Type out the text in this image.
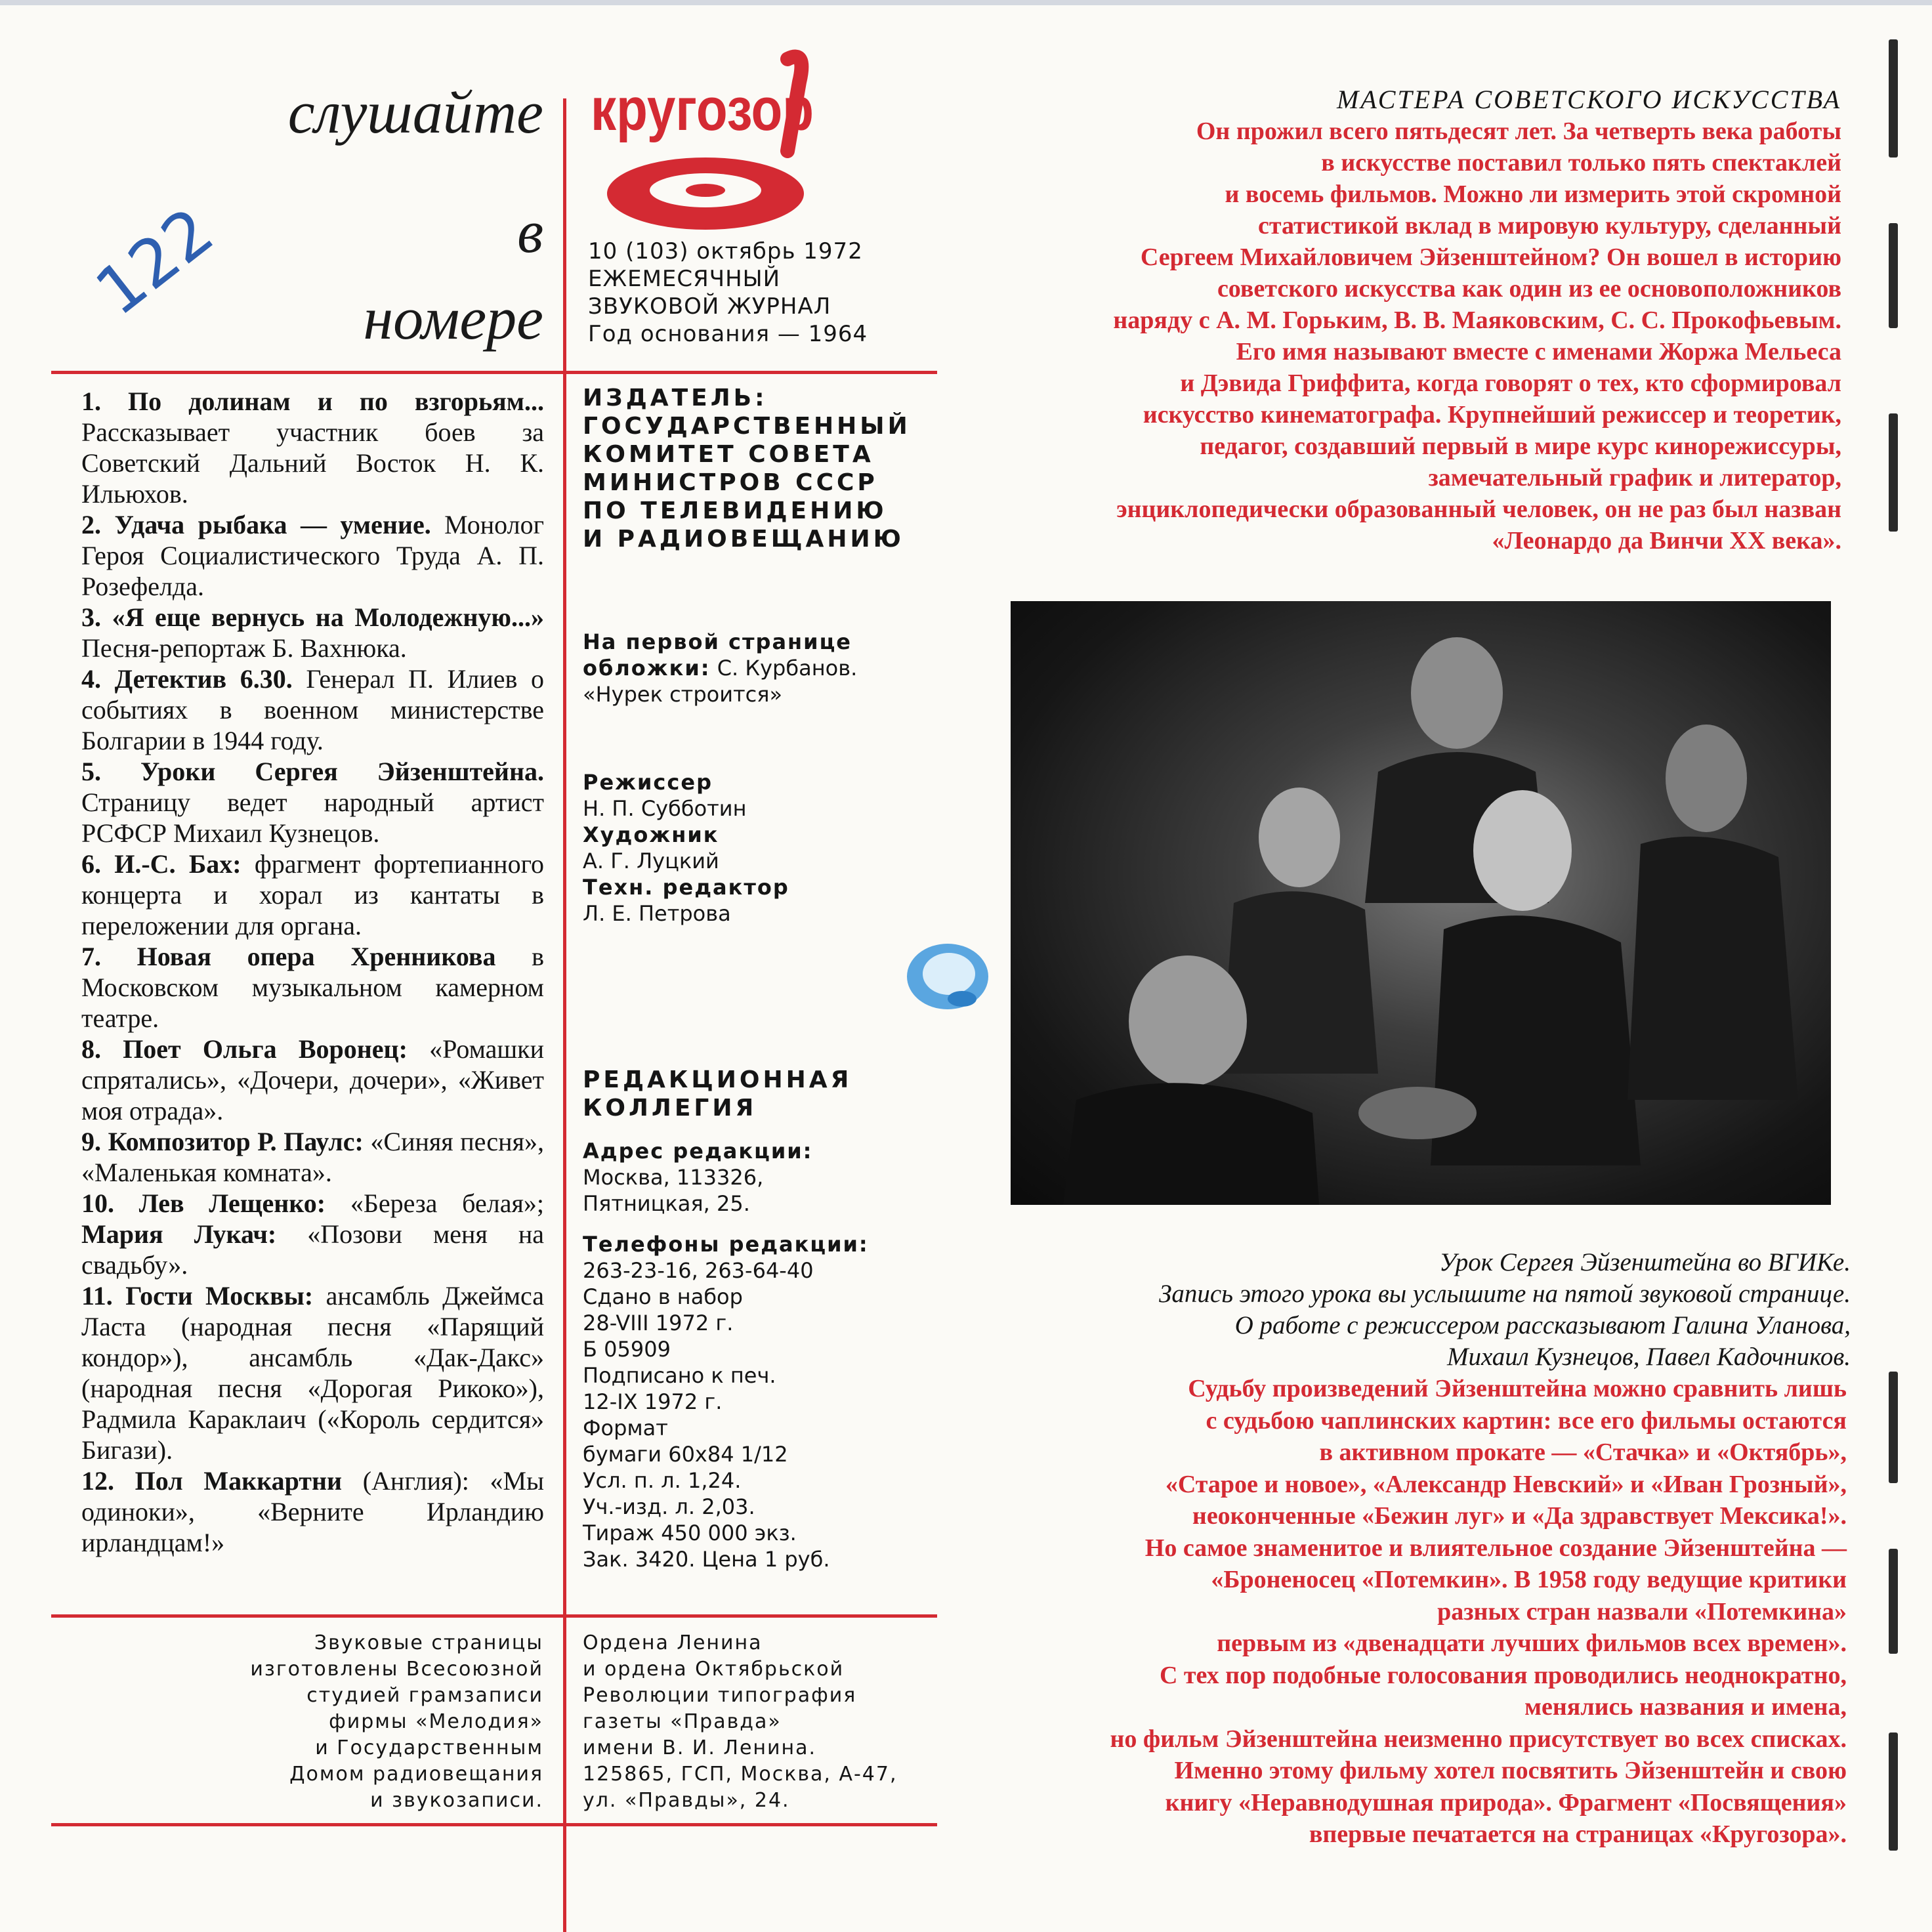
слушайте
в
номере
122
кругозор
10 (103) октябрь 1972
ЕЖЕМЕСЯЧНЫЙ
ЗВУКОВОЙ ЖУРНАЛ
Год основания — 1964

1. По долинам и по взгорьям... Рассказывает участник боев за Советский Дальний Восток Н. К. Ильюхов.

2. Удача рыбака — умение. Монолог Героя Социалистического Труда А. П. Розефелда.

3. «Я еще вернусь на Молодежную...» Песня-репортаж Б. Вахнюка.

4. Детектив 6.30. Генерал П. Илиев о событиях в военном министерстве Болгарии в 1944 году.

5. Уроки Сергея Эйзенштейна. Страницу ведет народный артист РСФСР Михаил Кузнецов.

6. И.-С. Бах: фрагмент фортепианного концерта и хорал из кантаты в переложении для органа.

7. Новая опера Хренникова в Московском музыкальном камерном театре.

8. Поет Ольга Воронец: «Ромашки спрятались», «Дочери, дочери», «Живет моя отрада».

9. Композитор Р. Паулс: «Синяя песня», «Маленькая комната».

10. Лев Лещенко: «Береза белая»; Мария Лукач: «Позови меня на свадьбу».

11. Гости Москвы: ансамбль Джеймса Ласта (народная песня «Парящий кондор»), ансамбль «Дак-Дакс» (народная песня «Дорогая Рикоко»), Радмила Караклаич («Король сердится» Бигази).

12. Пол Маккартни (Англия): «Мы одиноки», «Верните Ирландию ирландцам!»

ИЗДАТЕЛЬ:
ГОСУДАРСТВЕННЫЙ
КОМИТЕТ СОВЕТА
МИНИСТРОВ СССР
ПО ТЕЛЕВИДЕНИЮ
И РАДИОВЕЩАНИЮ
На первой странице
обложки: С. Курбанов.
«Нурек строится»
Режиссер
Н. П. Субботин
Художник
А. Г. Луцкий
Техн. редактор
Л. Е. Петрова
РЕДАКЦИОННАЯ
КОЛЛЕГИЯ
Адрес редакции:
Москва, 113326,
Пятницкая, 25.
Телефоны редакции:
263-23-16, 263-64-40
Сдано в набор
28-VIII 1972 г.
Б 05909
Подписано к печ.
12-IX 1972 г.
Формат
бумаги 60x84 1/12
Усл. п. л. 1,24.
Уч.-изд. л. 2,03.
Тираж 450 000 экз.
Зак. 3420. Цена 1 руб.
Звуковые страницы
изготовлены Всесоюзной
студией грамзаписи
фирмы «Мелодия»
и Государственным
Домом радиовещания
и звукозаписи.
Ордена Ленина
и ордена Октябрьской
Революции типография
газеты «Правда»
имени В. И. Ленина.
125865, ГСП, Москва, А-47,
ул. «Правды», 24.
МАСТЕРА СОВЕТСКОГО ИСКУССТВА
Он прожил всего пятьдесят лет. За четверть века работы
в искусстве поставил только пять спектаклей
и восемь фильмов. Можно ли измерить этой скромной
статистикой вклад в мировую культуру, сделанный
Сергеем Михайловичем Эйзенштейном? Он вошел в историю
советского искусства как один из ее основоположников
наряду с А. М. Горьким, В. В. Маяковским, С. С. Прокофьевым.
Его имя называют вместе с именами Жоржа Мельеса
и Дэвида Гриффита, когда говорят о тех, кто сформировал
искусство кинематографа. Крупнейший режиссер и теоретик,
педагог, создавший первый в мире курс кинорежиссуры,
замечательный график и литератор,
энциклопедически образованный человек, он не раз был назван
«Леонардо да Винчи XX века».
Урок Сергея Эйзенштейна во ВГИКе.
Запись этого урока вы услышите на пятой звуковой странице.
О работе с режиссером рассказывают Галина Уланова,
Михаил Кузнецов, Павел Кадочников.
Судьбу произведений Эйзенштейна можно сравнить лишь
с судьбою чаплинских картин: все его фильмы остаются
в активном прокате — «Стачка» и «Октябрь»,
«Старое и новое», «Александр Невский» и «Иван Грозный»,
неоконченные «Бежин луг» и «Да здравствует Мексика!».
Но самое знаменитое и влиятельное создание Эйзенштейна —
«Броненосец «Потемкин». В 1958 году ведущие критики
разных стран назвали «Потемкина»
первым из «двенадцати лучших фильмов всех времен».
С тех пор подобные голосования проводились неоднократно,
менялись названия и имена,
но фильм Эйзенштейна неизменно присутствует во всех списках.
Именно этому фильму хотел посвятить Эйзенштейн и свою
книгу «Неравнодушная природа». Фрагмент «Посвящения»
впервые печатается на страницах «Кругозора».
